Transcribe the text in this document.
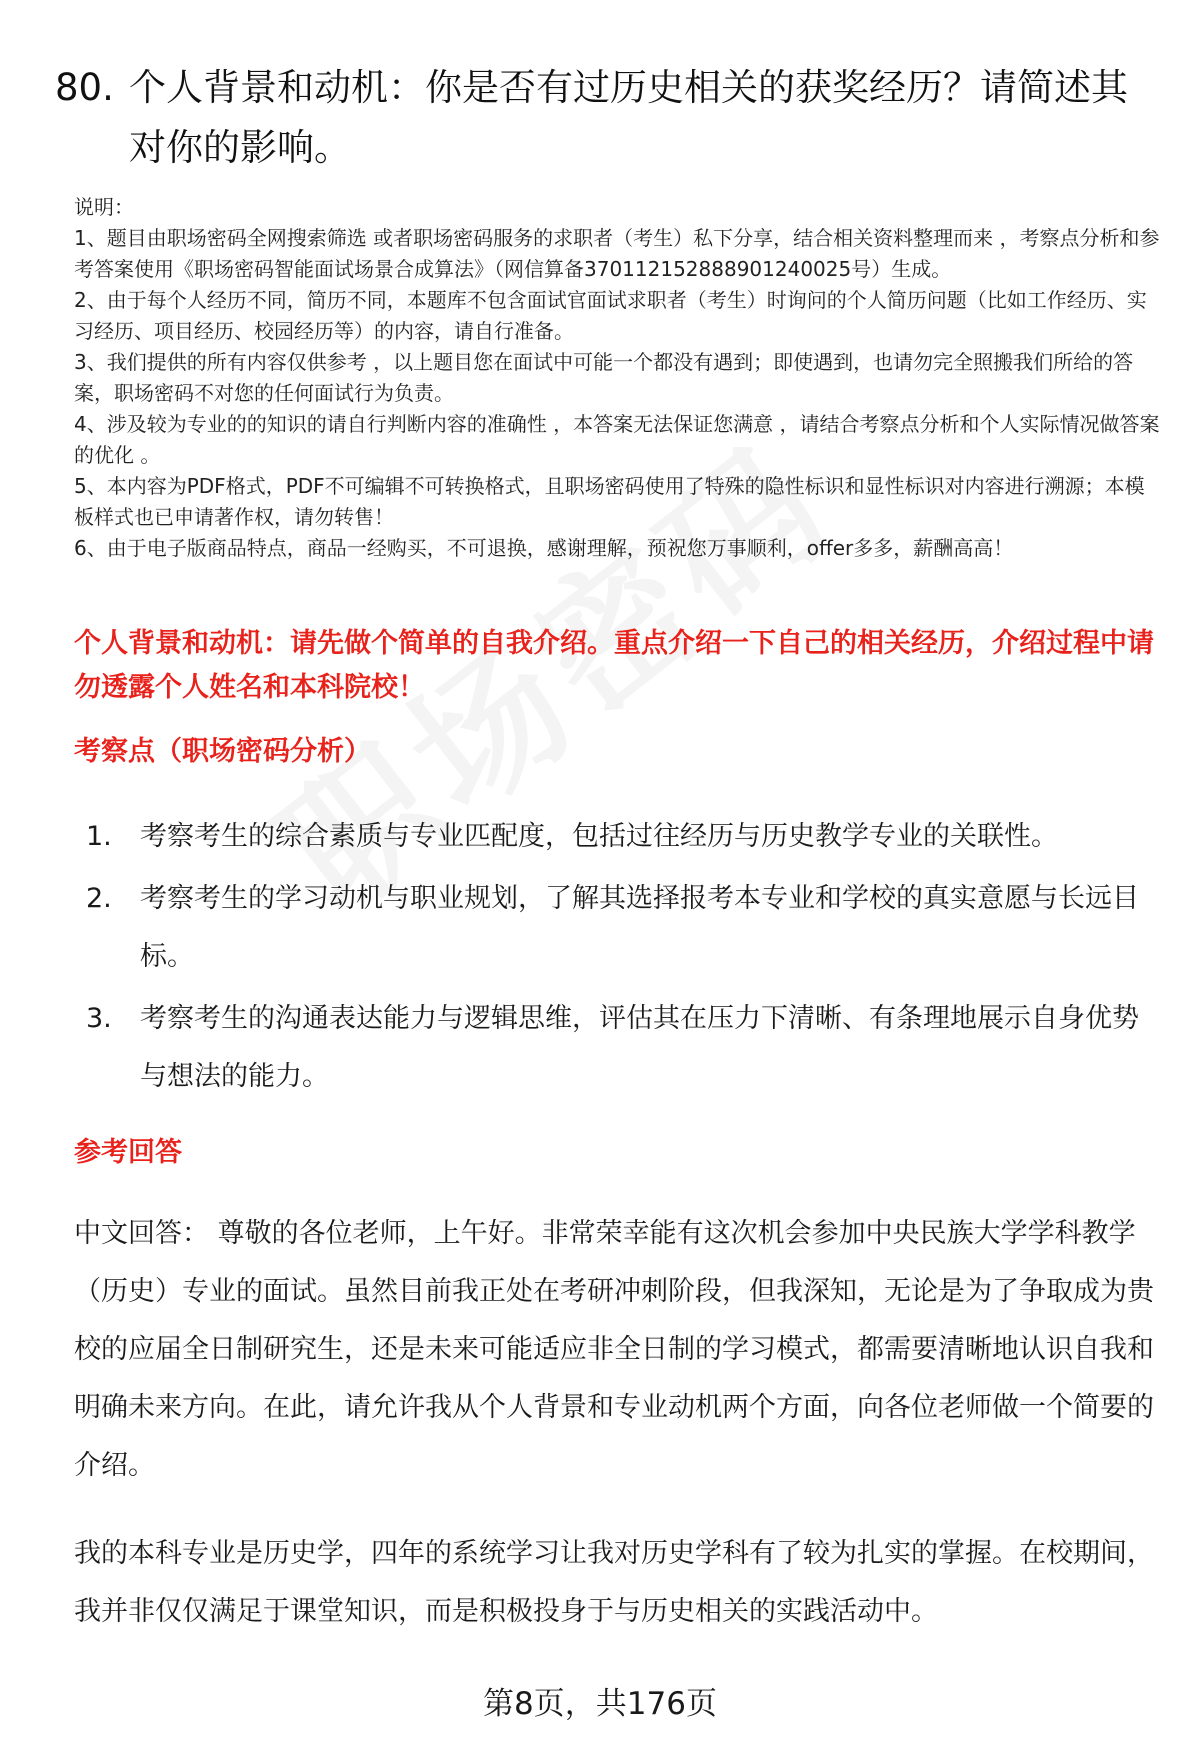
80. 个人背景和动机：你是否有过历史相关的获奖经历？请简述其对你的影响。

说明：

1、题目由职场密码全网搜索筛选 或者职场密码服务的求职者（考生）私下分享，结合相关资料整理而来 ，考察点分析和参考答案使用《职场密码智能面试场景合成算法》（网信算备370112152888901240025号）生成。

2、由于每个人经历不同，简历不同，本题库不包含面试官面试求职者（考生）时询问的个人简历问题（比如工作经历、实习经历、项目经历、校园经历等）的内容，请自行准备。

3、我们提供的所有内容仅供参考 ，以上题目您在面试中可能一个都没有遇到；即使遇到，也请勿完全照搬我们所给的答案，职场密码不对您的任何面试行为负责。

4、涉及较为专业的的知识的请自行判断内容的准确性 ，本答案无法保证您满意 ，请结合考察点分析和个人实际情况做答案的优化 。

5、本内容为PDF格式，PDF不可编辑不可转换格式，且职场密码使用了特殊的隐性标识和显性标识对内容进行溯源；本模板样式也已申请著作权，请勿转售！

6、由于电子版商品特点，商品一经购买，不可退换，感谢理解，预祝您万事顺利，offer多多，薪酬高高！

个人背景和动机：请先做个简单的自我介绍。重点介绍一下自己的相关经历，介绍过程中请勿透露个人姓名和本科院校！
考察点（职场密码分析）
1.	考察考生的综合素质与专业匹配度，包括过往经历与历史教学专业的关联性。
2.	考察考生的学习动机与职业规划，了解其选择报考本专业和学校的真实意愿与长远目标。
3.	考察考生的沟通表达能力与逻辑思维，评估其在压力下清晰、有条理地展示自身优势与想法的能力。
参考回答

中文回答： 尊敬的各位老师，上午好。非常荣幸能有这次机会参加中央民族大学学科教学（历史）专业的面试。虽然目前我正处在考研冲刺阶段，但我深知，无论是为了争取成为贵校的应届全日制研究生，还是未来可能适应非全日制的学习模式，都需要清晰地认识自我和明确未来方向。在此，请允许我从个人背景和专业动机两个方面，向各位老师做一个简要的介绍。

我的本科专业是历史学，四年的系统学习让我对历史学科有了较为扎实的掌握。在校期间，我并非仅仅满足于课堂知识，而是积极投身于与历史相关的实践活动中。

第8页，共176页
